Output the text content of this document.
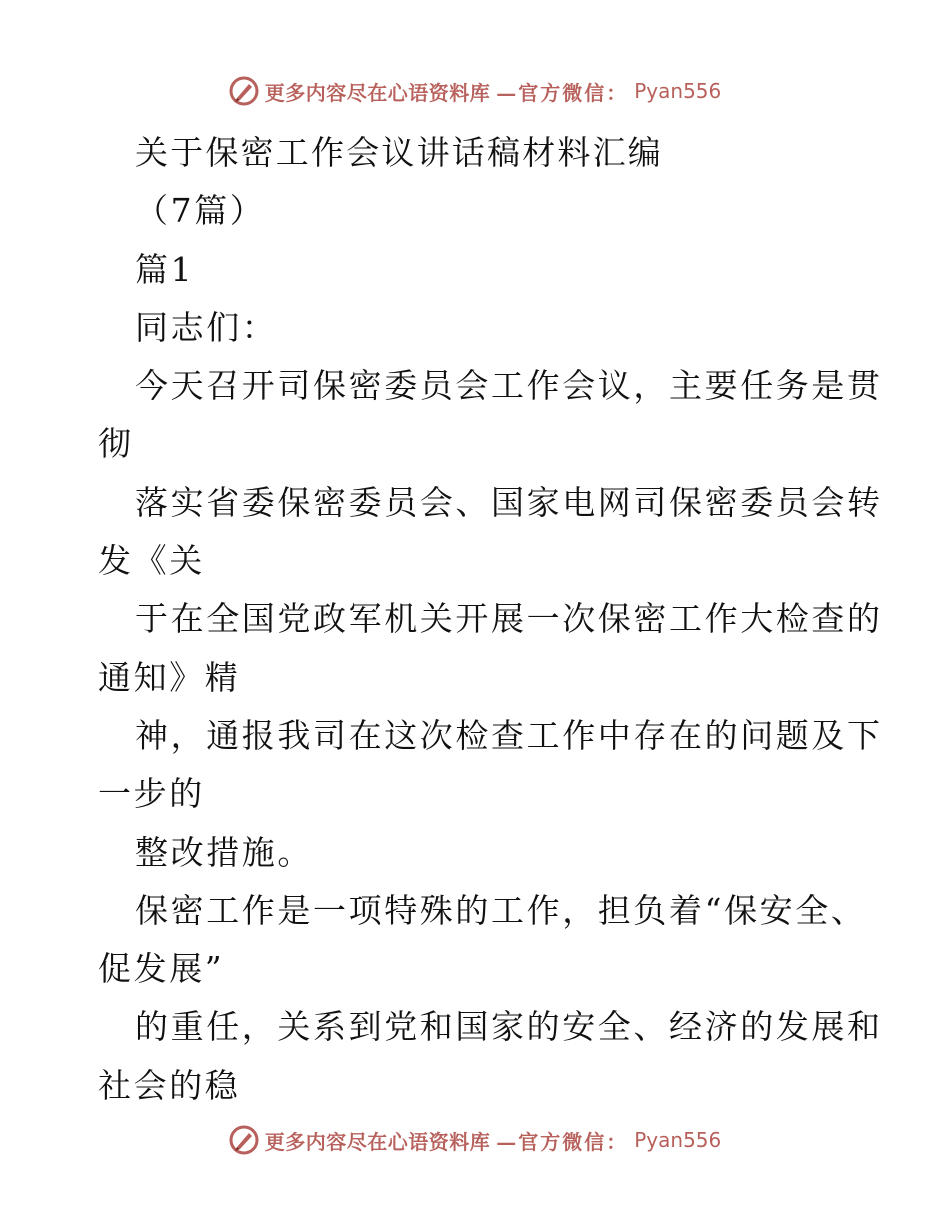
更多内容尽在心语资料库 —官方微信： Pyan556
关于保密工作会议讲话稿材料汇编
（7篇）
篇1
同志们：
今天召开司保密委员会工作会议，主要任务是贯
彻
落实省委保密委员会、国家电网司保密委员会转
发《关
于在全国党政军机关开展一次保密工作大检查的
通知》精
神，通报我司在这次检查工作中存在的问题及下
一步的
整改措施。
保密工作是一项特殊的工作，担负着“保安全、
促发展”
的重任，关系到党和国家的安全、经济的发展和
社会的稳
更多内容尽在心语资料库 —官方微信： Pyan556
